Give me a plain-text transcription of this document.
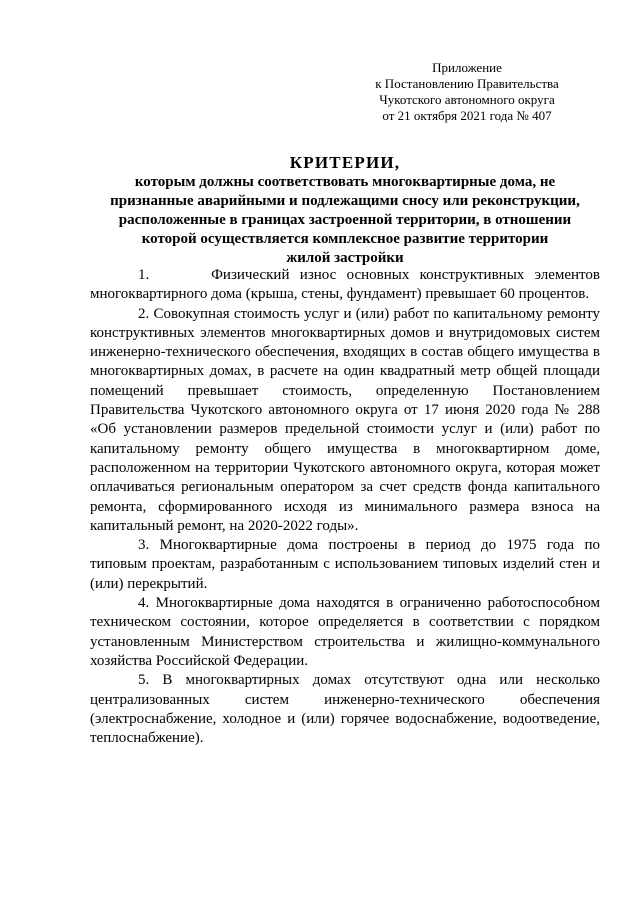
Приложение
к Постановлению Правительства
Чукотского автономного округа
от 21 октября 2021 года № 407
КРИТЕРИИ,
которым должны соответствовать многоквартирные дома, не
признанные аварийными и подлежащими сносу или реконструкции,
расположенные в границах застроенной территории, в отношении
которой осуществляется комплексное развитие территории
жилой застройки
1.      Физический износ основных конструктивных элементов
многоквартирного дома (крыша, стены, фундамент) превышает 60 процентов.
2. Совокупная стоимость услуг и (или) работ по капитальному ремонту
конструктивных элементов многоквартирных домов и внутридомовых систем
инженерно-технического обеспечения, входящих в состав общего имущества в
многоквартирных домах, в расчете на один квадратный метр общей площади
помещений превышает стоимость, определенную Постановлением
Правительства Чукотского автономного округа от 17 июня 2020 года № 288
«Об установлении размеров предельной стоимости услуг и (или) работ по
капитальному ремонту общего имущества в многоквартирном доме,
расположенном на территории Чукотского автономного округа, которая может
оплачиваться региональным оператором за счет средств фонда капитального
ремонта, сформированного исходя из минимального размера взноса на
капитальный ремонт, на 2020-2022 годы».
3. Многоквартирные дома построены в период до 1975 года по
типовым проектам, разработанным с использованием типовых изделий стен и
(или) перекрытий.
4. Многоквартирные дома находятся в ограниченно работоспособном
техническом состоянии, которое определяется в соответствии с порядком
установленным Министерством строительства и жилищно-коммунального
хозяйства Российской Федерации.
5. В многоквартирных домах отсутствуют одна или несколько
централизованных систем инженерно-технического обеспечения
(электроснабжение, холодное и (или) горячее водоснабжение, водоотведение,
теплоснабжение).
